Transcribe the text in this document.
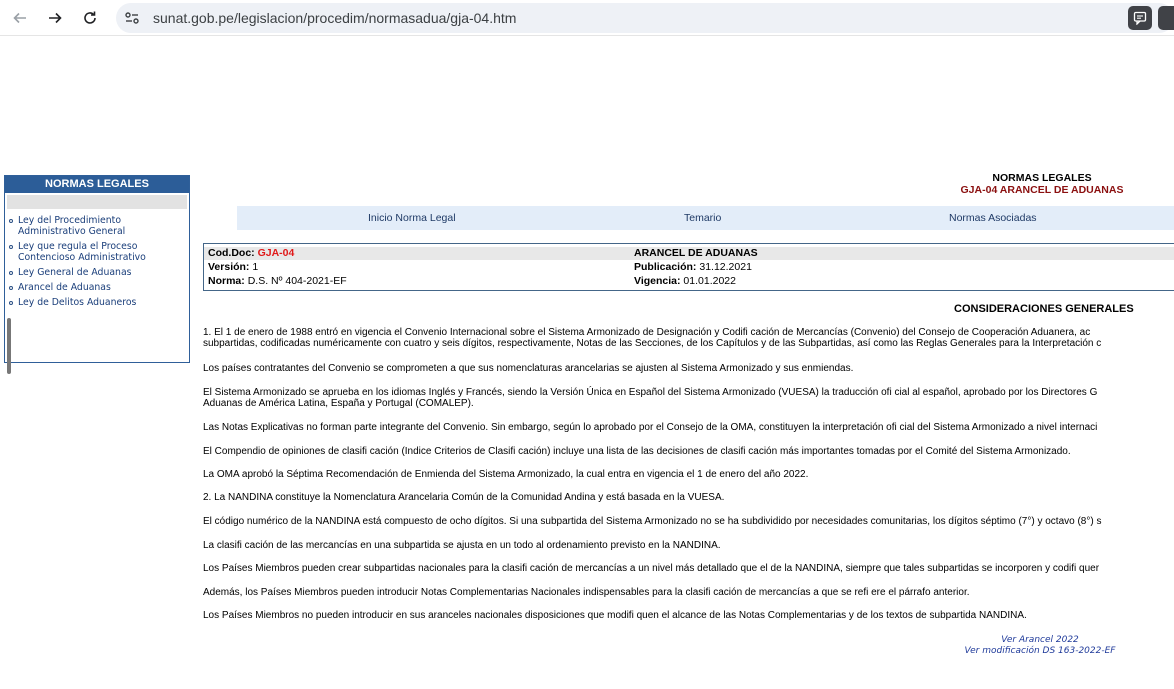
sunat.gob.pe/legislacion/procedim/normasadua/gja-04.htm
NORMAS LEGALES
Ley del Procedimiento
Administrativo General
Ley que regula el Proceso
Contencioso Administrativo
Ley General de Aduanas
Arancel de Aduanas
Ley de Delitos Aduaneros
NORMAS LEGALES
GJA-04 ARANCEL DE ADUANAS
Inicio Norma Legal	Temario	Normas Asociadas
Cod.Doc: GJA-04	ARANCEL DE ADUANAS
Versión: 1	Publicación: 31.12.2021
Norma: D.S. Nº 404-2021-EF	Vigencia: 01.01.2022
CONSIDERACIONES GENERALES
1. El 1 de enero de 1988 entró en vigencia el Convenio Internacional sobre el Sistema Armonizado de Designación y Codifi cación de Mercancías (Convenio) del Consejo de Cooperación Aduanera, ac
subpartidas, codificadas numéricamente con cuatro y seis dígitos, respectivamente, Notas de las Secciones, de los Capítulos y de las Subpartidas, así como las Reglas Generales para la Interpretación c
Los países contratantes del Convenio se comprometen a que sus nomenclaturas arancelarias se ajusten al Sistema Armonizado y sus enmiendas.
El Sistema Armonizado se aprueba en los idiomas Inglés y Francés, siendo la Versión Única en Español del Sistema Armonizado (VUESA) la traducción ofi cial al español, aprobado por los Directores G
Aduanas de América Latina, España y Portugal (COMALEP).
Las Notas Explicativas no forman parte integrante del Convenio. Sin embargo, según lo aprobado por el Consejo de la OMA, constituyen la interpretación ofi cial del Sistema Armonizado a nivel internaci
El Compendio de opiniones de clasifi cación (Indice Criterios de Clasifi cación) incluye una lista de las decisiones de clasifi cación más importantes tomadas por el Comité del Sistema Armonizado.
La OMA aprobó la Séptima Recomendación de Enmienda del Sistema Armonizado, la cual entra en vigencia el 1 de enero del año 2022.
2. La NANDINA constituye la Nomenclatura Arancelaria Común de la Comunidad Andina y está basada en la VUESA.
El código numérico de la NANDINA está compuesto de ocho dígitos. Si una subpartida del Sistema Armonizado no se ha subdividido por necesidades comunitarias, los dígitos séptimo (7°) y octavo (8°) s
La clasifi cación de las mercancías en una subpartida se ajusta en un todo al ordenamiento previsto en la NANDINA.
Los Países Miembros pueden crear subpartidas nacionales para la clasifi cación de mercancías a un nivel más detallado que el de la NANDINA, siempre que tales subpartidas se incorporen y codifi quer
Además, los Países Miembros pueden introducir Notas Complementarias Nacionales indispensables para la clasifi cación de mercancías a que se refi ere el párrafo anterior.
Los Países Miembros no pueden introducir en sus aranceles nacionales disposiciones que modifi quen el alcance de las Notas Complementarias y de los textos de subpartida NANDINA.
Ver Arancel 2022
Ver modificación DS 163-2022-EF
